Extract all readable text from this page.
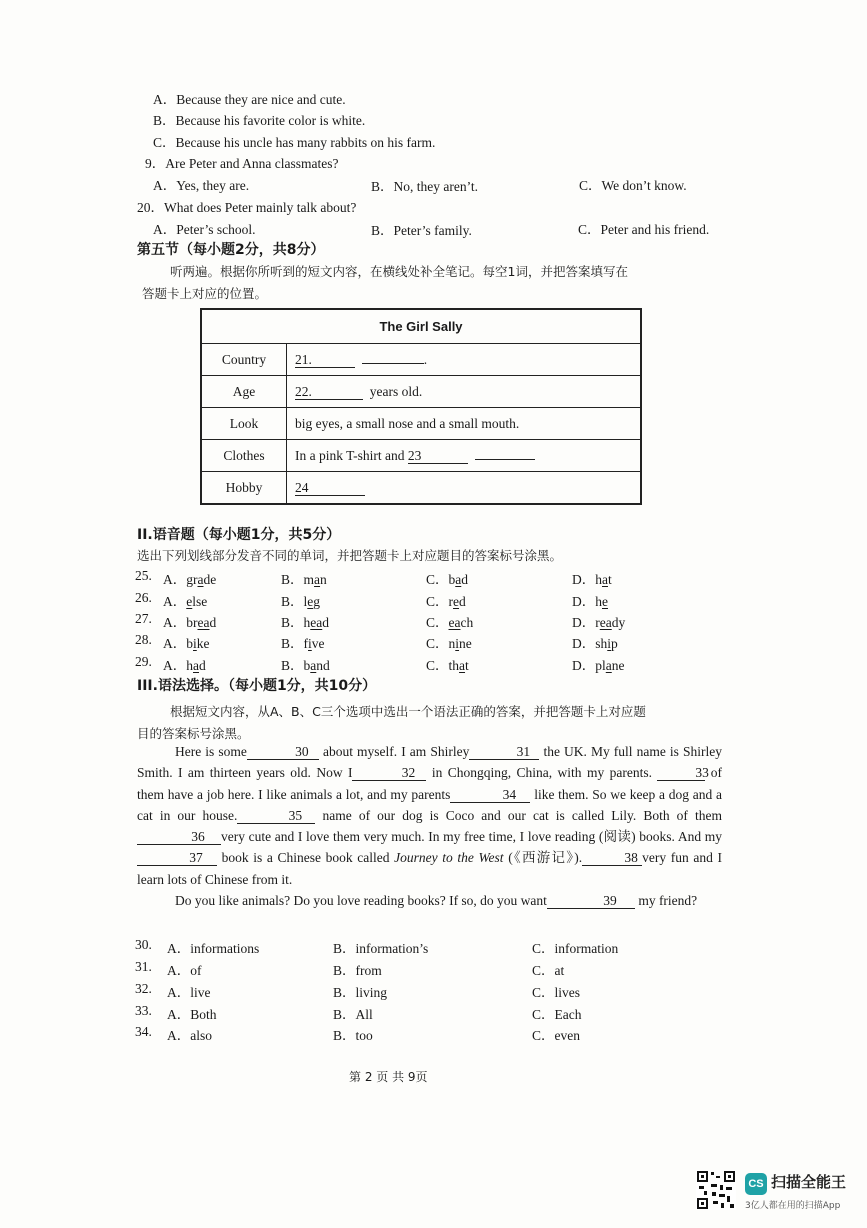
A．Because they are nice and cute.
B．Because his favorite color is white.
C．Because his uncle has many rabbits on his farm.
9．Are Peter and Anna classmates?
A．Yes, they are.	B．No, they aren’t.	C．We don’t know.
20．What does Peter mainly talk about?
A．Peter’s school.	B．Peter’s family.	C．Peter and his friend.
第五节（每小题2分，共8分）
听两遍。根据你所听到的短文内容，在横线处补全笔记。每空1词，并把答案填写在
答题卡上对应的位置。
The Girl Sally	
Country	21. .
Age	22. years old.
Look	big eyes, a small nose and a small mouth.
Clothes	In a pink T-shirt and 23
Hobby	24
II.语音题（每小题1分，共5分）
选出下列划线部分发音不同的单词，并把答题卡上对应题目的答案标号涂黑。
25. A．grade	B．man	C．bad	D．hat
26. A．else	B．leg	C．red	D．he
27. A．bread	B．head	C．each	D．ready
28. A．bike	B．five	C．nine	D．ship
29. A．had	B．band	C．that	D．plane
III.语法选择。（每小题1分，共10分）
根据短文内容，从A、B、C三个选项中选出一个语法正确的答案，并把答题卡上对应题
目的答案标号涂黑。

Here is some	30 about myself. I am Shirley	31 the UK. My full name is Shirley Smith. I am thirteen years old. Now I	32 in Chongqing, China, with my parents.	33 of them have a job here. I like animals a lot, and my parents	34 like them. So we keep a dog and a cat in our house.	35 name of our dog is Coco and our cat is called Lily. Both of them36 very cute and I love them very much. In my free time, I love reading (阅读) books. And my37 book is a Chinese book called Journey to the West (《西游记》).	38 very fun and I learn lots of Chinese from it.

Do you like animals? Do you love reading books? If so, do you want	39 my friend?

30. A．informations	B．information’s	C．information
31. A．of	B．from	C．at
32. A．live	B．living	C．lives
33. A．Both	B．All	C．Each
34. A．also	B．too	C．even
第 2 页 共 9页
CS 扫描全能王
3亿人都在用的扫描App
